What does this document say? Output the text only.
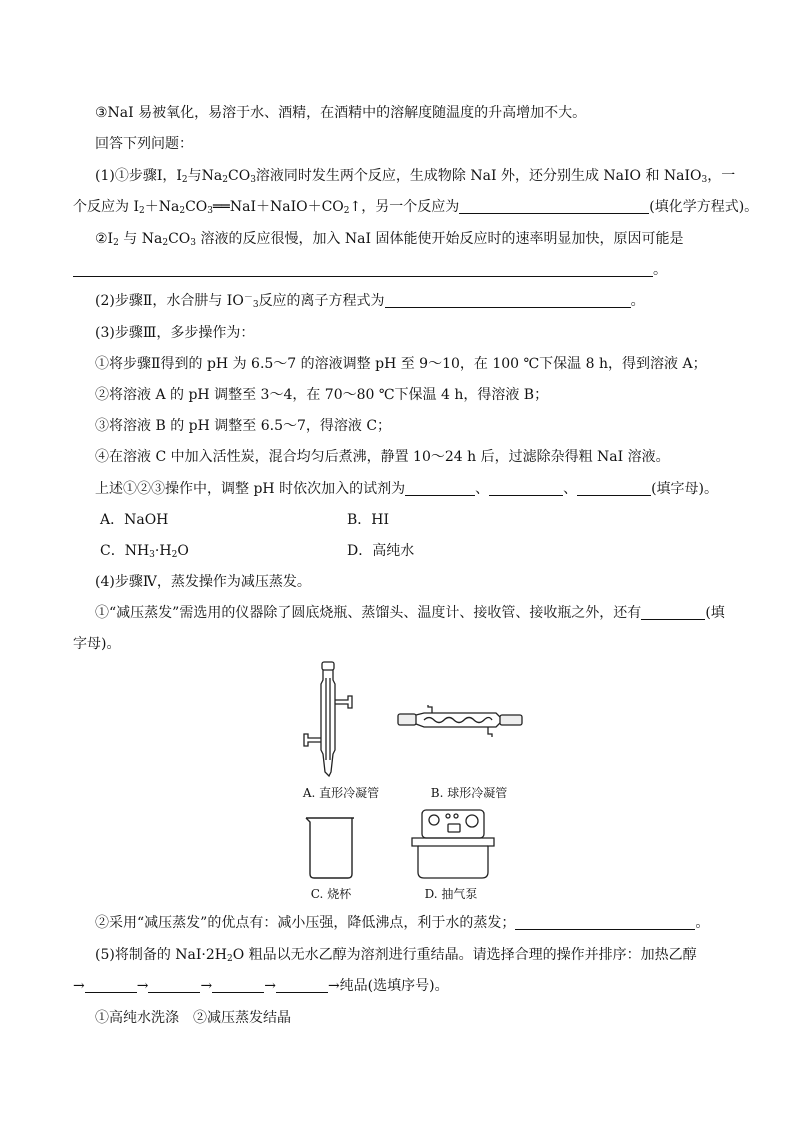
③NaI 易被氧化，易溶于水、酒精，在酒精中的溶解度随温度的升高增加不大。
回答下列问题：
(1)①步骤Ⅰ，$I_2$与$Na_2CO_3$溶液同时发生两个反应，生成物除 NaI 外，还分别生成 NaIO 和 NaIO$_3$，一
个反应为 $I_2+Na_2CO_3══NaI+NaIO+CO_2↑$，另一个反应为	(填化学方程式)。
$②I_2$ 与 $Na_2CO_3$ 溶液的反应很慢，加入 NaI 固体能使开始反应时的速率明显加快，原因可能是
。
(2)步骤Ⅱ，水合肼与 $IO^-_3$反应的离子方程式为	。
(3)步骤Ⅲ，多步操作为：
①将步骤Ⅱ得到的 pH 为 6.5～7 的溶液调整 pH 至 9～10，在 100 ℃下保温 8 h，得到溶液 A；
②将溶液 A 的 pH 调整至 3～4，在 70～80 ℃下保温 4 h，得溶液 B；
③将溶液 B 的 pH 调整至 6.5～7，得溶液 C；
④在溶液 C 中加入活性炭，混合均匀后煮沸，静置 10～24 h 后，过滤除杂得粗 NaI 溶液。
上述①②③操作中，调整 pH 时依次加入的试剂为	、	、	(填字母)。
A．NaOH	B．HI
C．$NH_3\cdot H_2O$	D．高纯水
(4)步骤Ⅳ，蒸发操作为减压蒸发。
①“减压蒸发”需选用的仪器除了圆底烧瓶、蒸馏头、温度计、接收管、接收瓶之外，还有	(填
字母)。
A. 直形冷凝管	B. 球形冷凝管
C. 烧杯	D. 抽气泵
②采用“减压蒸发”的优点有：减小压强，降低沸点，利于水的蒸发；	。
(5)将制备的 $NaI\cdot 2H_2O$ 粗品以无水乙醇为溶剂进行重结晶。请选择合理的操作并排序：加热乙醇
→	→	→	→	→纯品(选填序号)。
①高纯水洗涤　②减压蒸发结晶
